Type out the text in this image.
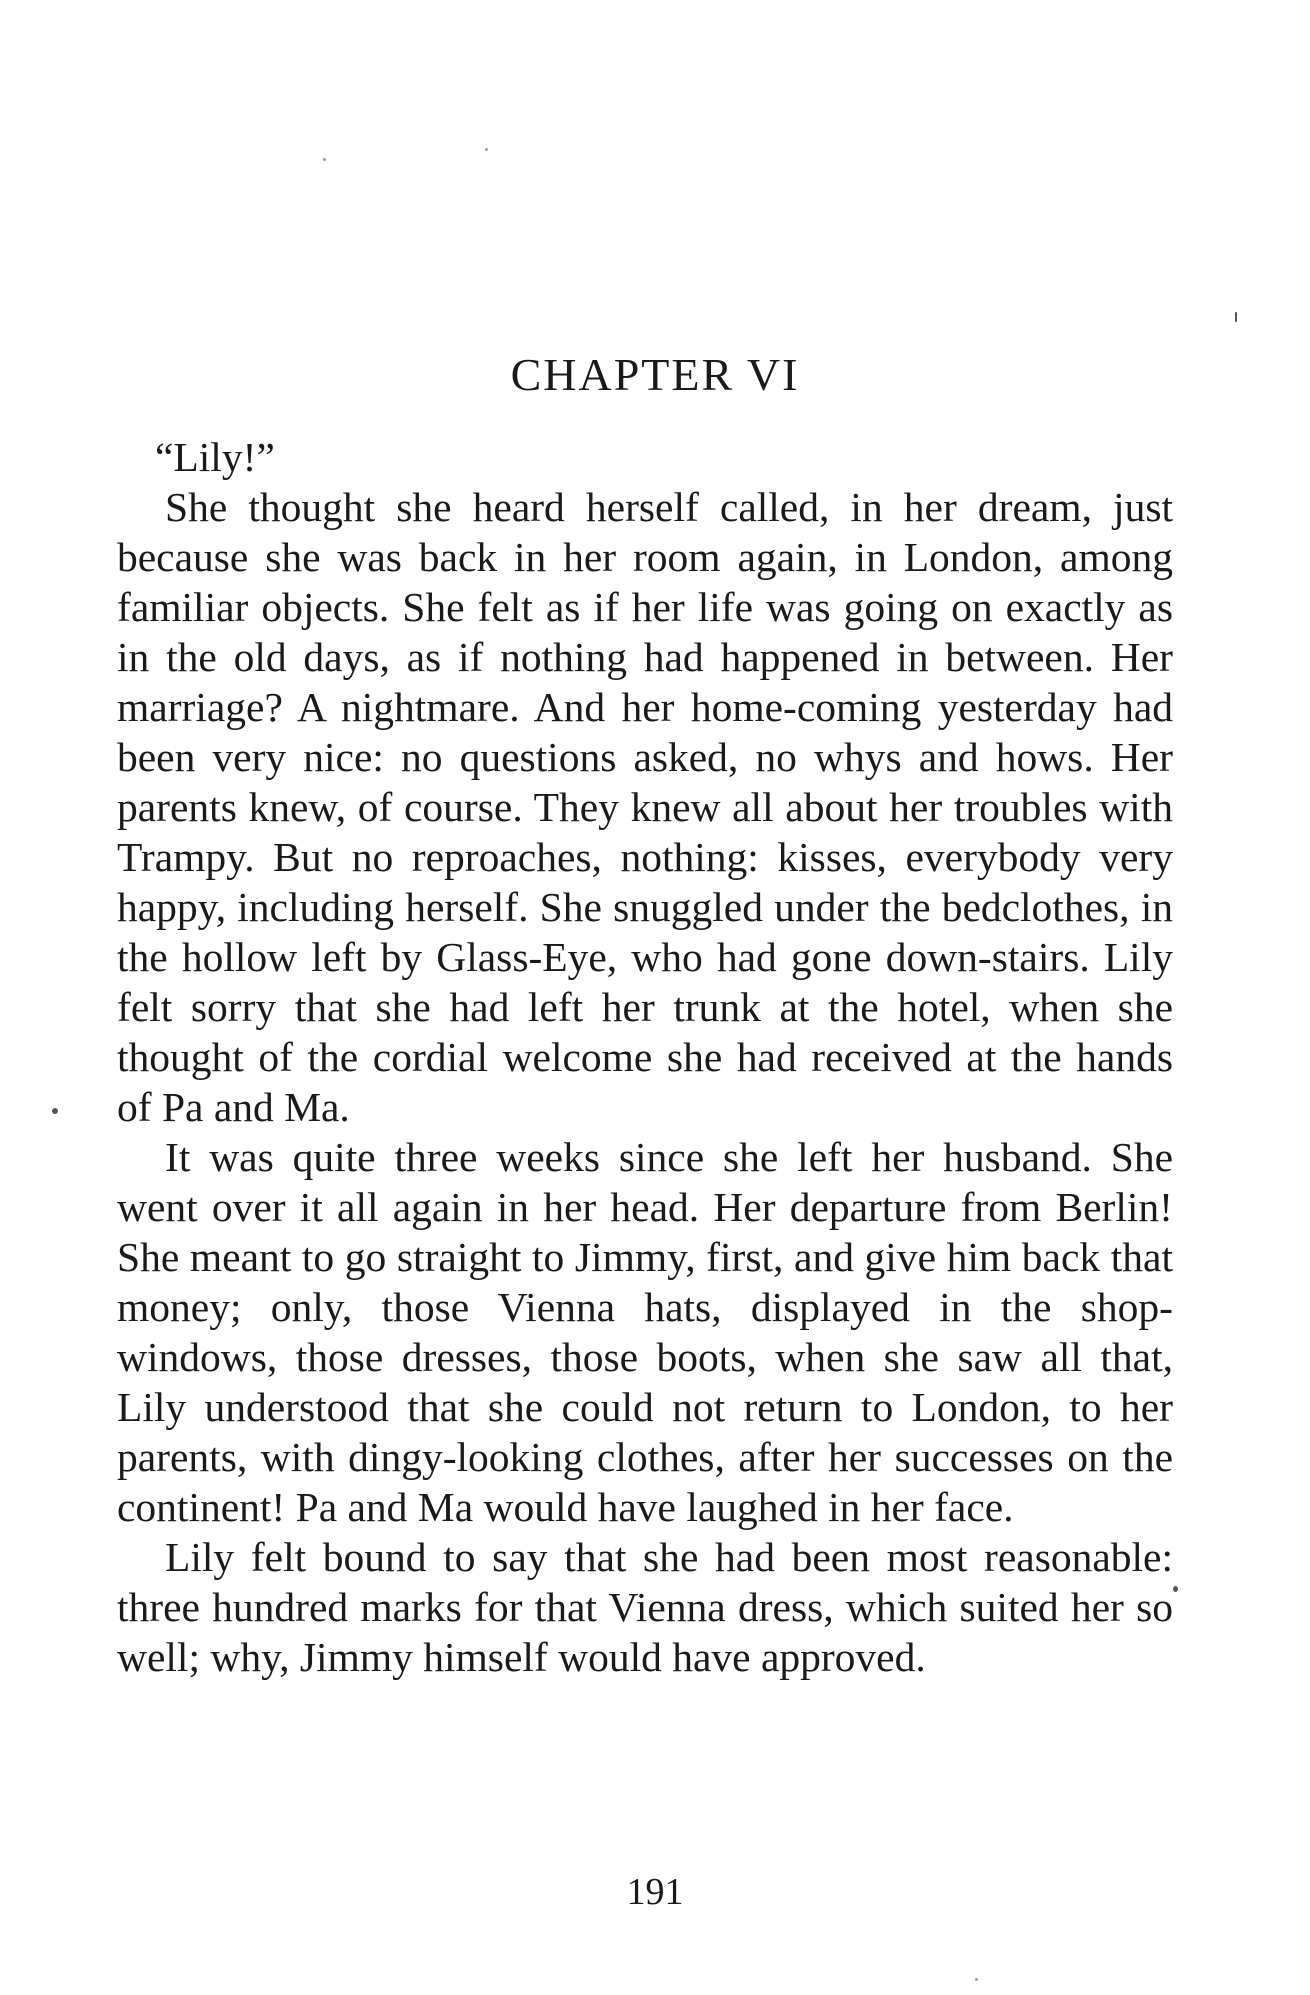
CHAPTER VI

“Lily!”

She thought she heard herself called, in her dream, just because she was back in her room again, in London, among familiar objects. She felt as if her life was going on exactly as in the old days, as if nothing had happened in between. Her marriage? A nightmare. And her home-coming yesterday had been very nice: no questions asked, no whys and hows. Her parents knew, of course. They knew all about her troubles with Trampy. But no reproaches, nothing: kisses, everybody very happy, including herself. She snuggled under the bedclothes, in the hollow left by Glass-Eye, who had gone down-stairs. Lily felt sorry that she had left her trunk at the hotel, when she thought of the cordial welcome she had received at the hands of Pa and Ma.

It was quite three weeks since she left her husband. She went over it all again in her head. Her departure from Berlin! She meant to go straight to Jimmy, first, and give him back that money; only, those Vienna hats, displayed in the shop-windows, those dresses, those boots, when she saw all that, Lily understood that she could not return to London, to her parents, with dingy-looking clothes, after her successes on the continent! Pa and Ma would have laughed in her face.

Lily felt bound to say that she had been most reasonable: three hundred marks for that Vienna dress, which suited her so well; why, Jimmy himself would have approved.

191
